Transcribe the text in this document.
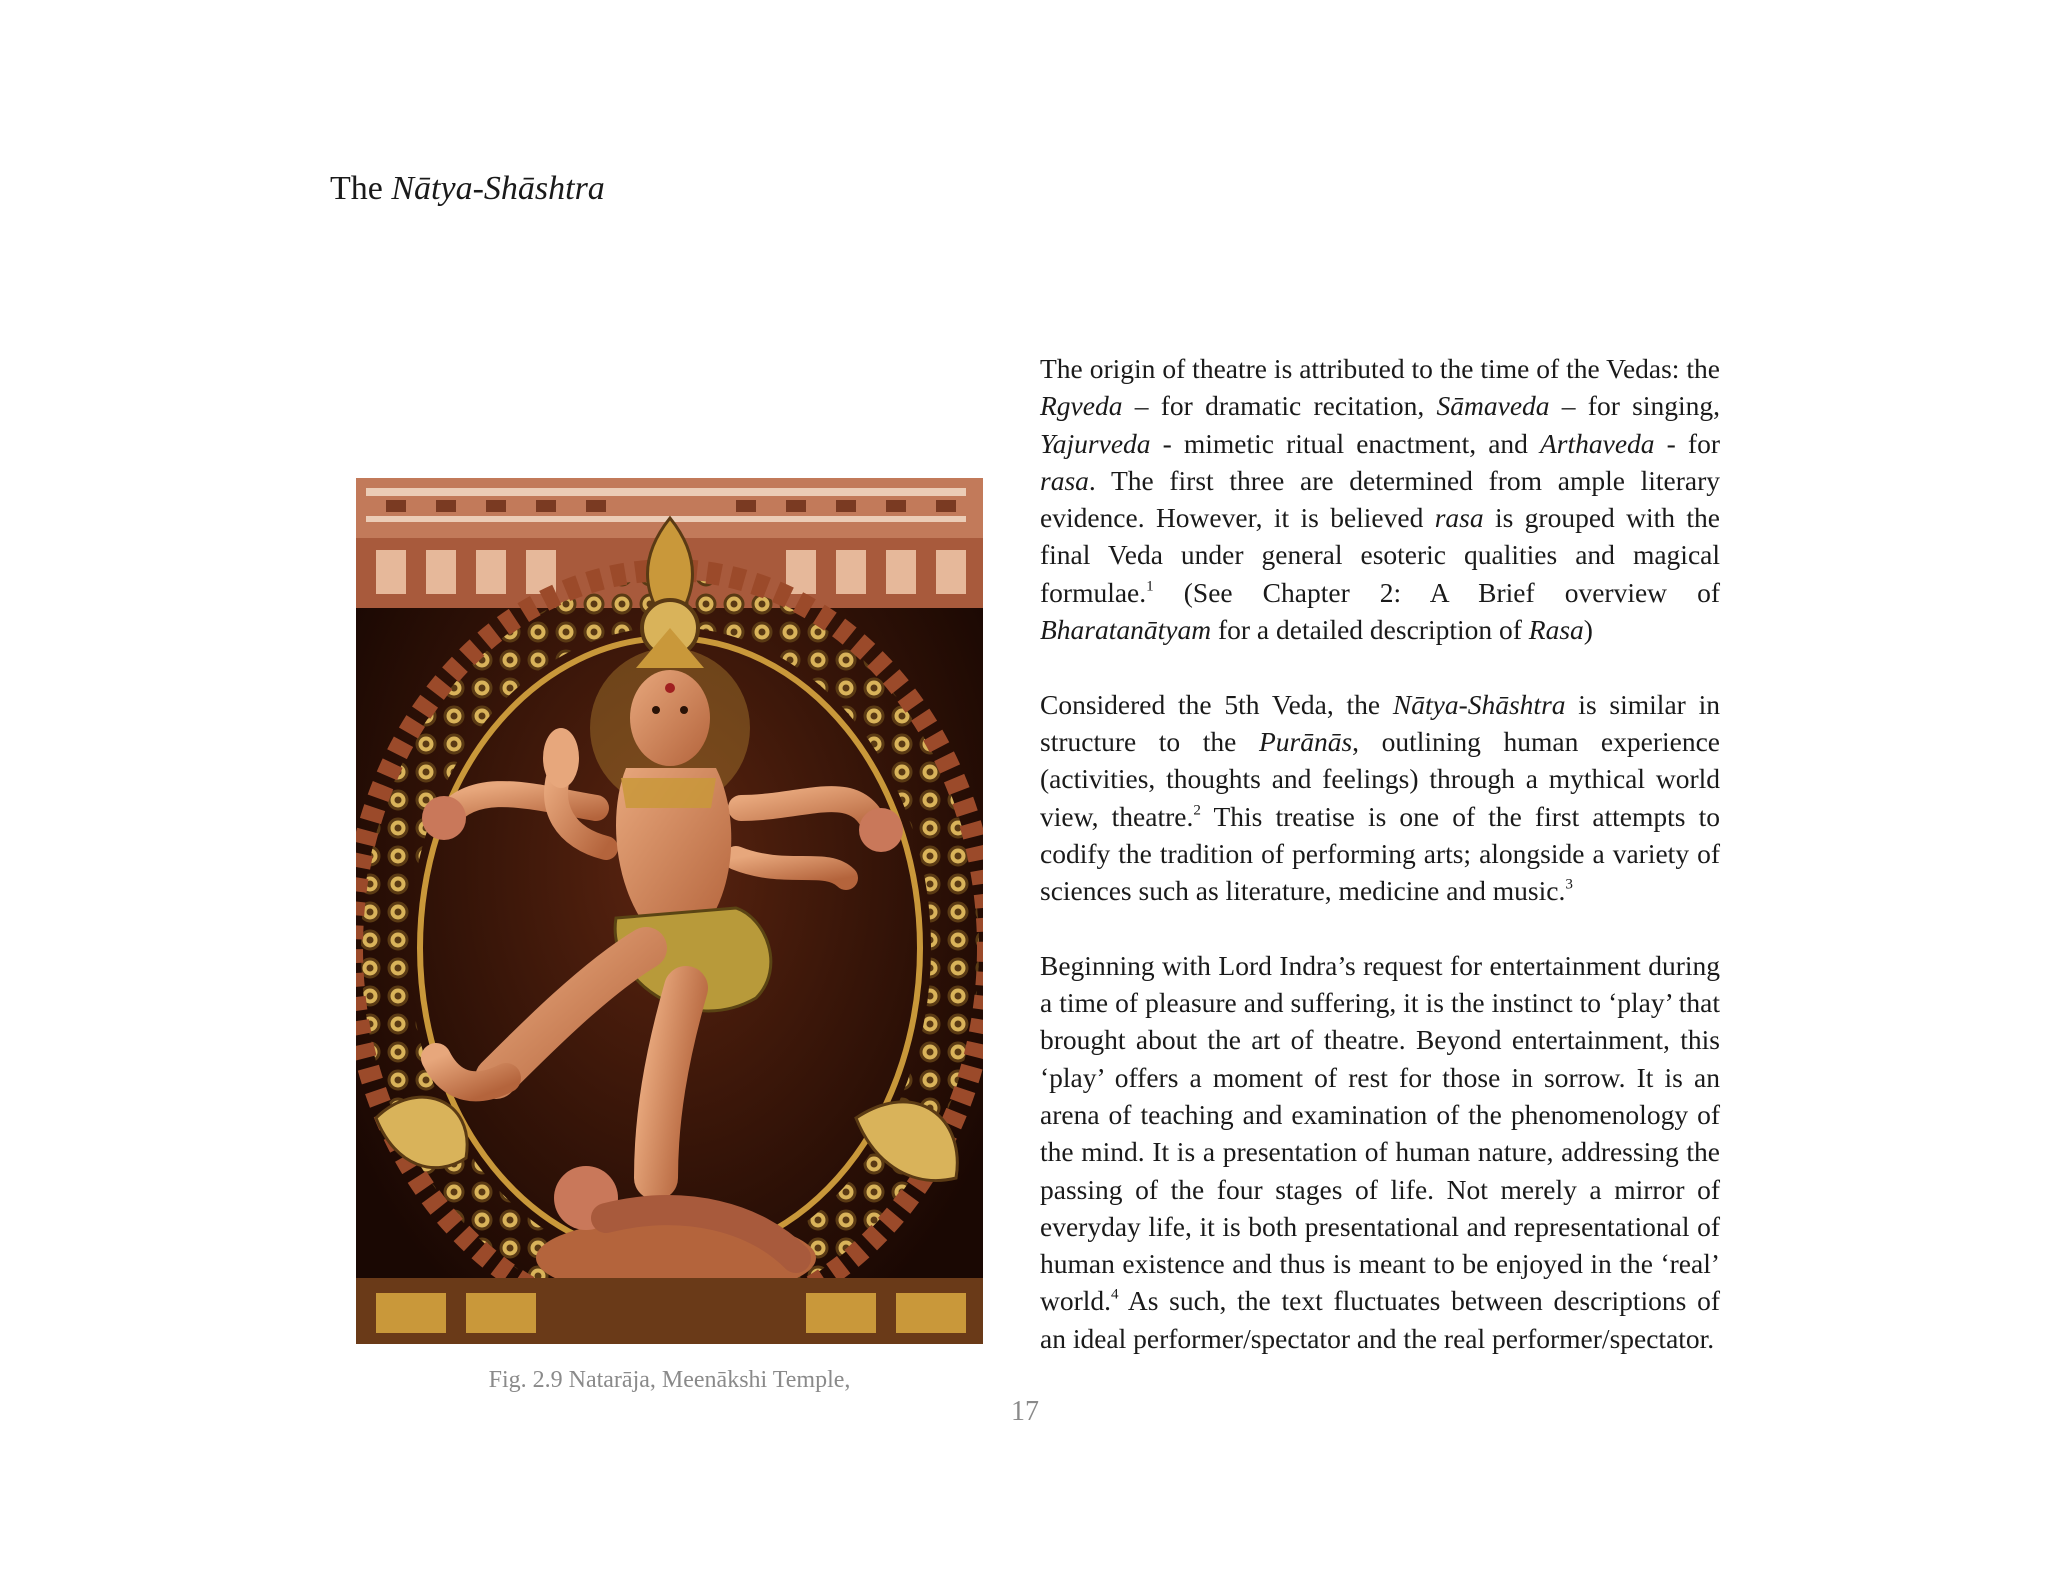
The Nātya-Shāshtra
Fig. 2.9 Natarāja, Meenākshi Temple,

The origin of theatre is attributed to the time of the Vedas: the Rgveda – for dramatic recitation, Sāmaveda – for singing, Yajurveda - mimetic ritual enactment, and Arthaveda - for rasa. The first three are determined from ample literary evidence. However, it is believed rasa is grouped with the final Veda under general esoteric qualities and magical formulae.$^1$ (See Chapter 2: A Brief overview of Bharatanātyam for a detailed description of Rasa)

Considered the 5th Veda, the Nātya-Shāshtra is similar in structure to the Purānās, outlining human experience (activities, thoughts and feelings) through a mythical world view, theatre.$^2$ This treatise is one of the first attempts to codify the tradition of performing arts; alongside a variety of sciences such as literature, medicine and music.$^3$

Beginning with Lord Indra’s request for entertainment during a time of pleasure and suffering, it is the instinct to ‘play’ that brought about the art of theatre. Beyond entertainment, this ‘play’ offers a moment of rest for those in sorrow. It is an arena of teaching and examination of the phenomenology of the mind. It is a presentation of human nature, addressing the passing of the four stages of life. Not merely a mirror of everyday life, it is both presentational and representational of human existence and thus is meant to be enjoyed in the ‘real’ world.$^4$ As such, the text fluctuates between descriptions of an ideal performer/spectator and the real performer/spectator.

17
